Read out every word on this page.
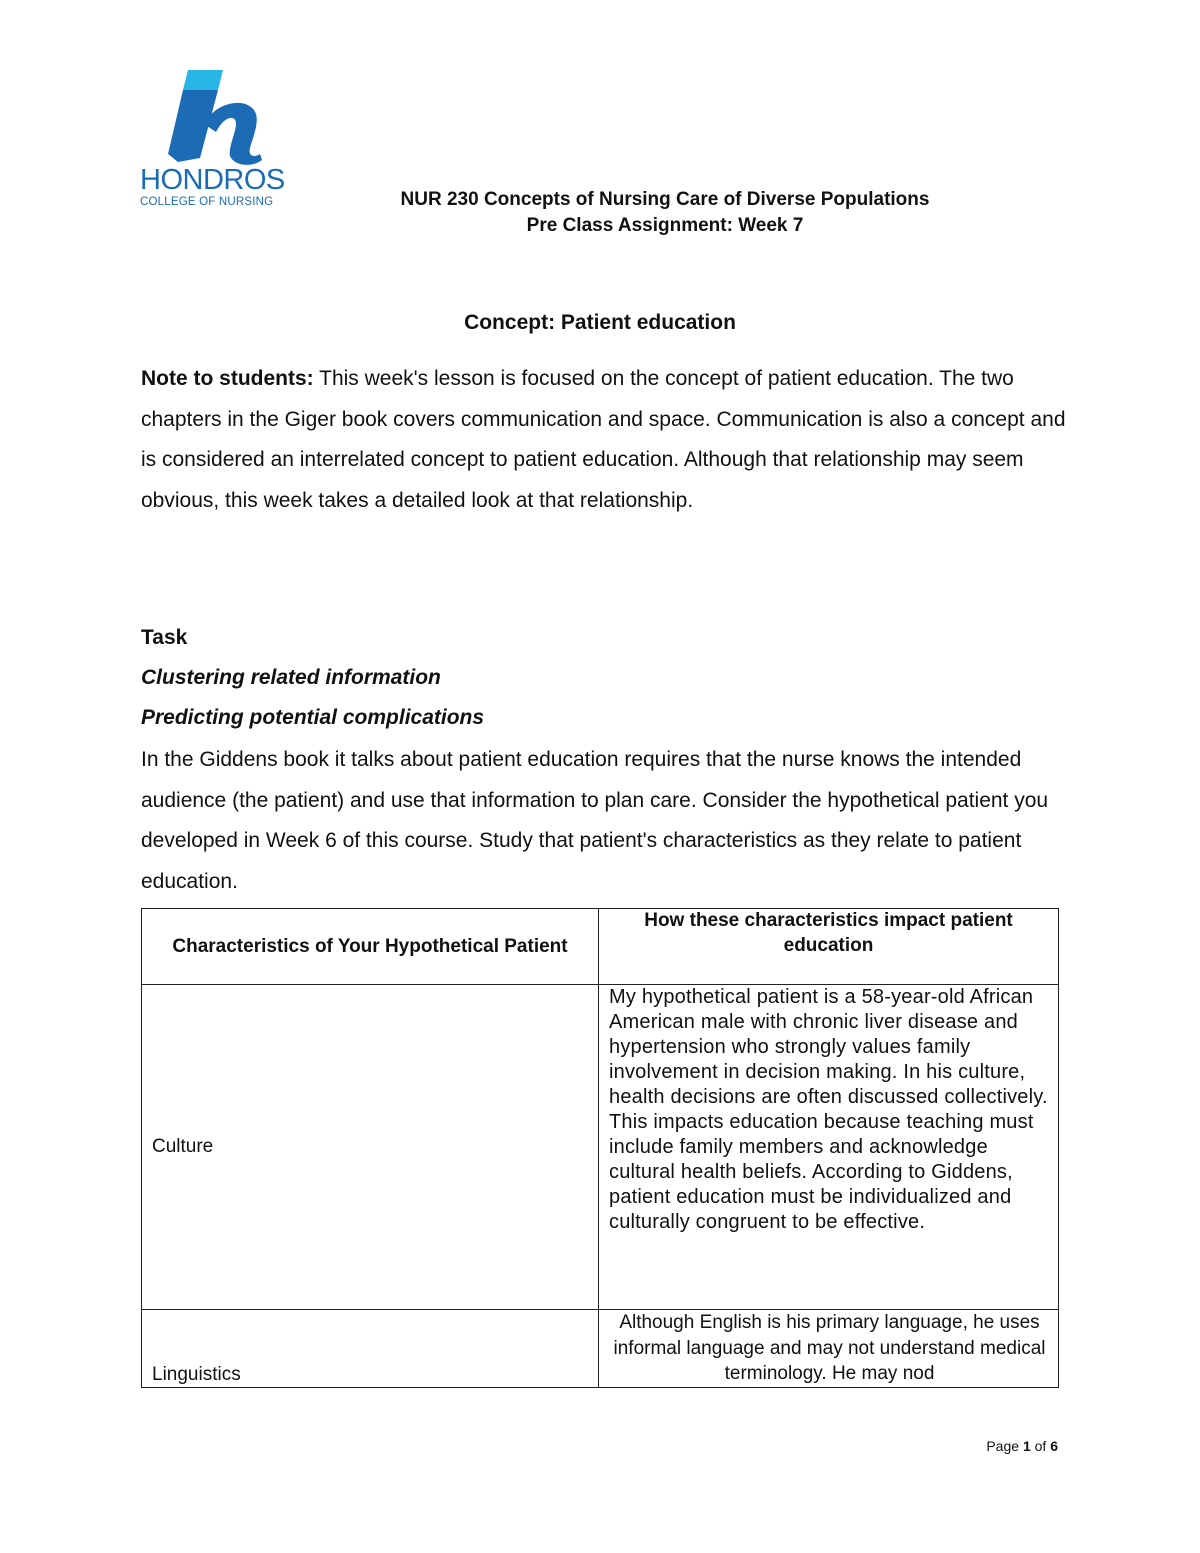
HONDROS

COLLEGE OF NURSING	NUR 230 Concepts of Nursing Care of Diverse Populations

Pre Class Assignment: Week 7

Concept: Patient education

Note to students: This week's lesson is focused on the concept of patient education. The two chapters in the Giger book covers communication and space. Communication is also a concept and is considered an interrelated concept to patient education. Although that relationship may seem obvious, this week takes a detailed look at that relationship.

Task

Clustering related information

Predicting potential complications

In the Giddens book it talks about patient education requires that the nurse knows the intended audience (the patient) and use that information to plan care. Consider the hypothetical patient you developed in Week 6 of this course. Study that patient's characteristics as they relate to patient education.

Characteristics of Your Hypothetical Patient	How these characteristics impact patient education
Culture	My hypothetical patient is a 58-year-old African American male with chronic liver disease and hypertension who strongly values family involvement in decision making. In his culture, health decisions are often discussed collectively. This impacts education because teaching must include family members and acknowledge cultural health beliefs. According to Giddens, patient education must be individualized and culturally congruent to be effective.
Linguistics	Although English is his primary language, he uses informal language and may not understand medical terminology. He may nod

Page 1 of 6
